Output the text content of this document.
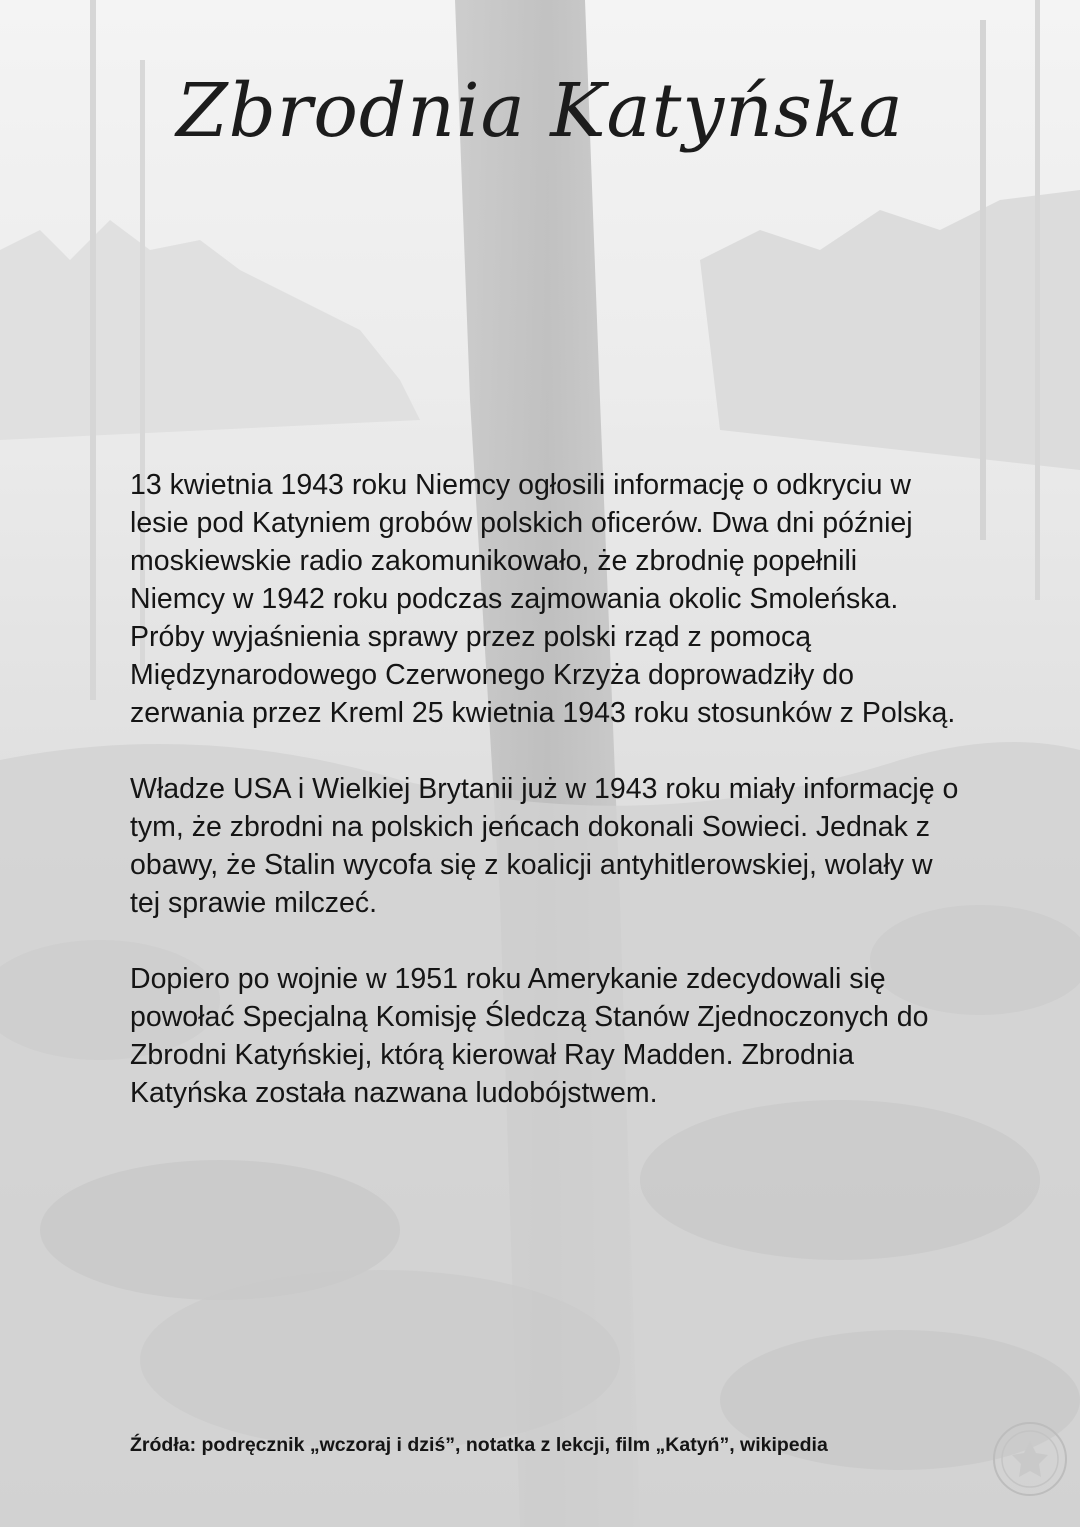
Zbrodnia Katyńska

13 kwietnia 1943 roku Niemcy ogłosili informację o odkryciu w lesie pod Katyniem grobów polskich oficerów. Dwa dni później moskiewskie radio zakomunikowało, że zbrodnię popełnili Niemcy w 1942 roku podczas zajmowania okolic Smoleńska. Próby wyjaśnienia sprawy przez polski rząd z pomocą Międzynarodowego Czerwonego Krzyża doprowadziły do zerwania przez Kreml 25 kwietnia 1943 roku stosunków z Polską.

Władze USA i Wielkiej Brytanii już w 1943 roku miały informację o tym, że zbrodni na polskich jeńcach dokonali Sowieci. Jednak z obawy, że Stalin wycofa się z koalicji antyhitlerowskiej, wolały w tej sprawie milczeć.

Dopiero po wojnie w 1951 roku Amerykanie zdecydowali się powołać Specjalną Komisję Śledczą Stanów Zjednoczonych do Zbrodni Katyńskiej, którą kierował Ray Madden. Zbrodnia Katyńska została nazwana ludobójstwem.

Źródła: podręcznik „wczoraj i dziś”, notatka z lekcji, film „Katyń”, wikipedia
